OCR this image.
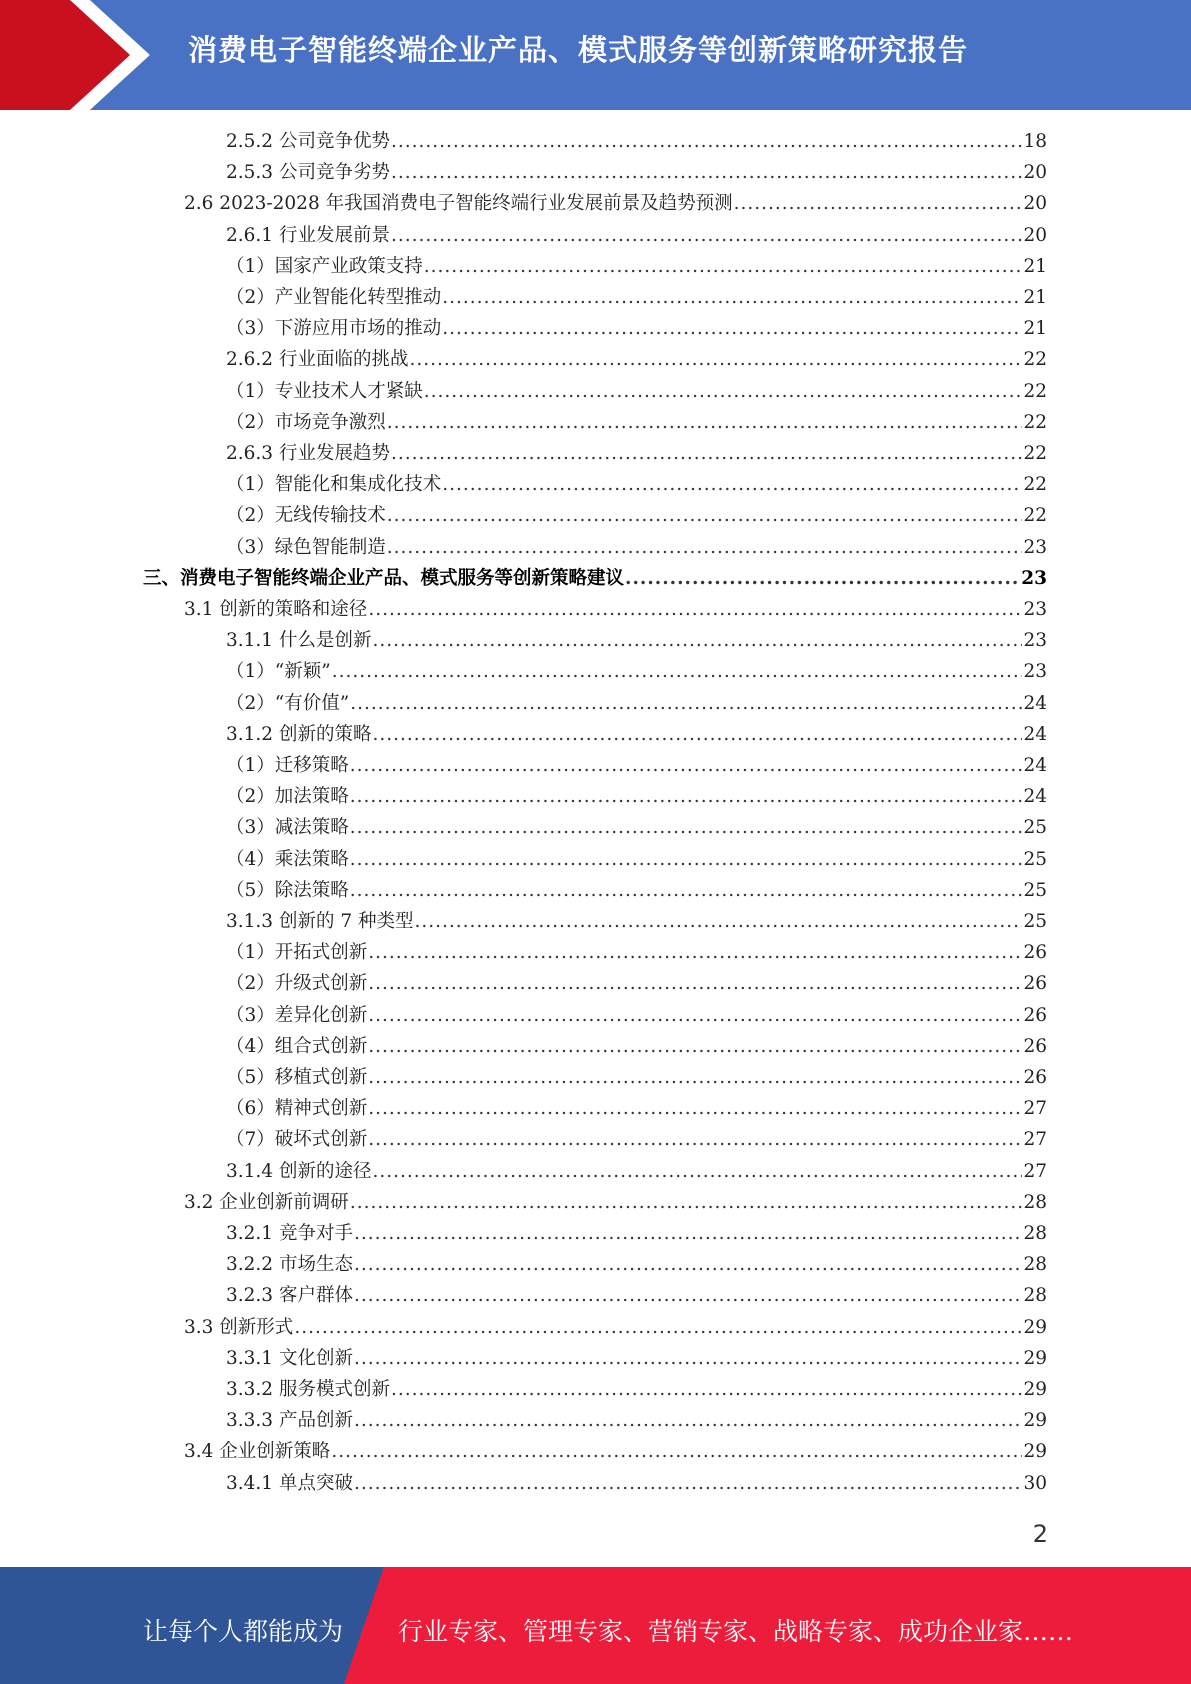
消费电子智能终端企业产品、模式服务等创新策略研究报告
2.5.2 公司竞争优势 .....	18
2.5.3 公司竞争劣势 .....	20
2.6 2023-2028 年我国消费电子智能终端行业发展前景及趋势预测 .....	20
2.6.1 行业发展前景 .....	20
（1）国家产业政策支持 .....	21
（2）产业智能化转型推动 .....	21
（3）下游应用市场的推动 .....	21
2.6.2 行业面临的挑战 .....	22
（1）专业技术人才紧缺 .....	22
（2）市场竞争激烈 .....	22
2.6.3 行业发展趋势 .....	22
（1）智能化和集成化技术 .....	22
（2）无线传输技术 .....	22
（3）绿色智能制造 .....	23
三、消费电子智能终端企业产品、模式服务等创新策略建议 .....	23
3.1 创新的策略和途径 .....	23
3.1.1 什么是创新 .....	23
（1）“新颖” .....	23
（2）“有价值” .....	24
3.1.2 创新的策略 .....	24
（1）迁移策略 .....	24
（2）加法策略 .....	24
（3）减法策略 .....	25
（4）乘法策略 .....	25
（5）除法策略 .....	25
3.1.3 创新的 7 种类型 .....	25
（1）开拓式创新 .....	26
（2）升级式创新 .....	26
（3）差异化创新 .....	26
（4）组合式创新 .....	26
（5）移植式创新 .....	26
（6）精神式创新 .....	27
（7）破坏式创新 .....	27
3.1.4 创新的途径 .....	27
3.2 企业创新前调研 .....	28
3.2.1 竞争对手 .....	28
3.2.2 市场生态 .....	28
3.2.3 客户群体 .....	28
3.3 创新形式 .....	29
3.3.1 文化创新 .....	29
3.3.2 服务模式创新 .....	29
3.3.3 产品创新 .....	29
3.4 企业创新策略 .....	29
3.4.1 单点突破 .....	30
2
让每个人都能成为 行业专家、管理专家、营销专家、战略专家、成功企业家……
